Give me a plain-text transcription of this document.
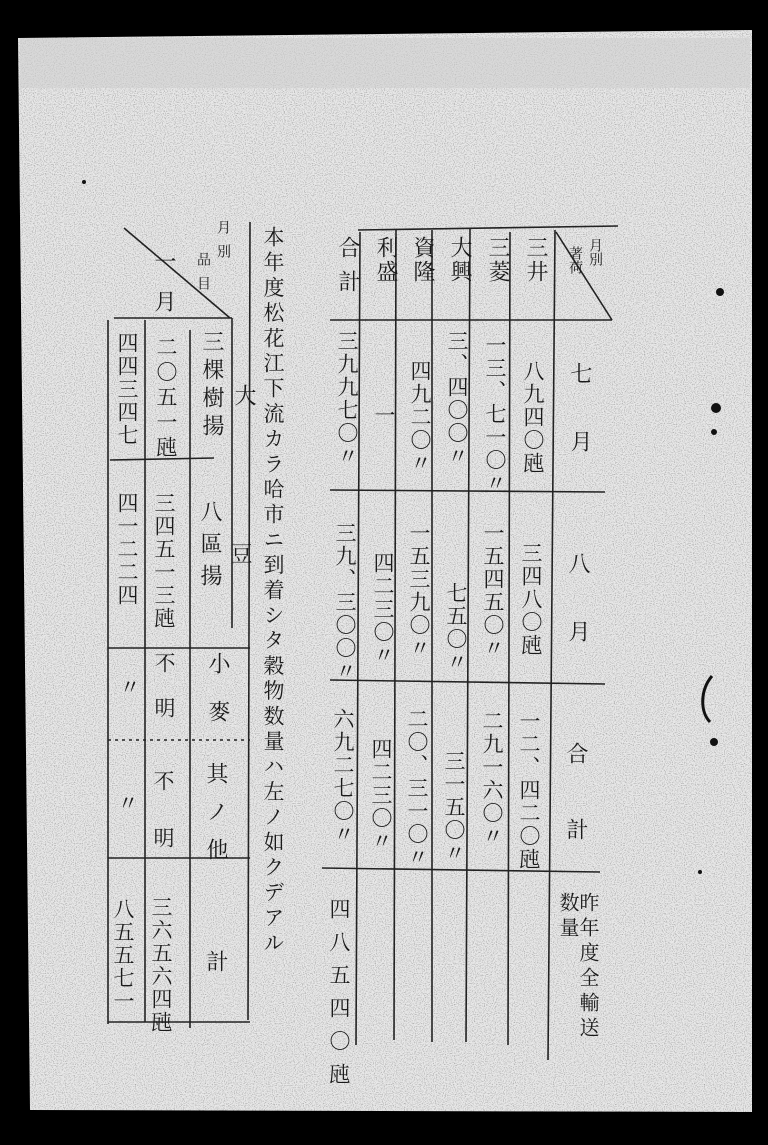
月別
著荷
三井
三菱
大興
資隆
利盛
合計
七月
八月
合計
昨年度全輸送数量
八九四〇瓲
一三、七一〇〃
三、四〇〇〃
四九二〇〃
一
三九九七〇〃
三四八〇瓲
一五四五〇〃
七五〇〃
一五三九〇〃
四二三〇〃
三九、三〇〇〃
一二、四二〇瓲
二九一六〇〃
三一五〇〃
二〇、三一〇〃
四二三〇〃
六九二七〇〃
四八五四〇瓲
本年度松花江下流カラ哈市ニ到着シタ穀物数量ハ左ノ如クデアル
月別
品目
一月
大
豆
三棵樹揚
八區揚
小麥
其ノ他
計
二〇五一瓲
三四五一三瓲
不明
不明
三六五六四瓲
四四三四七
四一二二四
〃
〃
八五五七一
